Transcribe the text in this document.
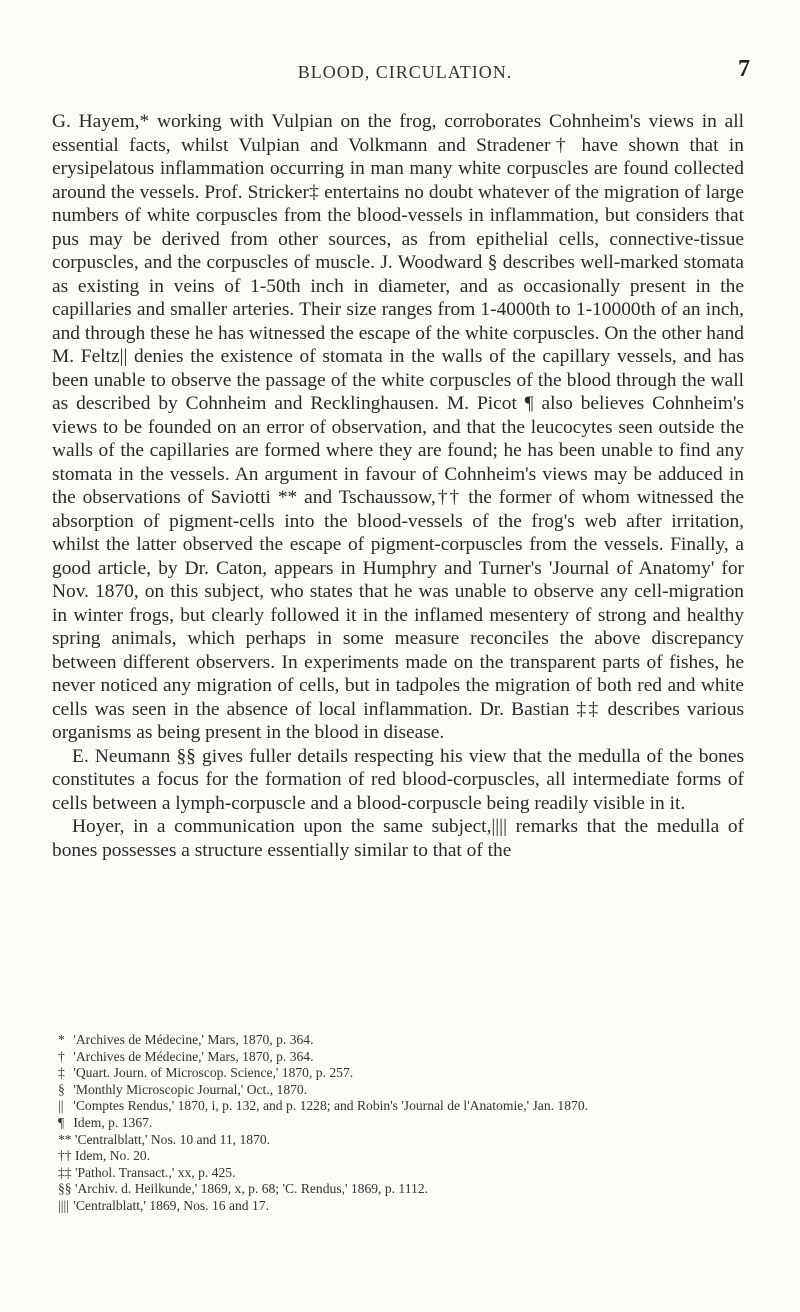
BLOOD, CIRCULATION.	7

G. Hayem,* working with Vulpian on the frog, corroborates Cohnheim's views in all essential facts, whilst Vulpian and Volkmann and Stradener† have shown that in erysipelatous inflammation occurring in man many white corpuscles are found collected around the vessels. Prof. Stricker‡ entertains no doubt whatever of the migration of large numbers of white corpuscles from the blood-vessels in inflammation, but considers that pus may be derived from other sources, as from epithelial cells, connective-tissue corpuscles, and the corpuscles of muscle. J. Woodward § describes well-marked stomata as existing in veins of 1-50th inch in diameter, and as occasionally present in the capillaries and smaller arteries. Their size ranges from 1-4000th to 1-10000th of an inch, and through these he has witnessed the escape of the white corpuscles. On the other hand M. Feltz|| denies the existence of stomata in the walls of the capillary vessels, and has been unable to observe the passage of the white corpuscles of the blood through the wall as described by Cohnheim and Recklinghausen. M. Picot ¶ also believes Cohnheim's views to be founded on an error of observation, and that the leucocytes seen outside the walls of the capillaries are formed where they are found; he has been unable to find any stomata in the vessels. An argument in favour of Cohnheim's views may be adduced in the observations of Saviotti ** and Tschaussow,†† the former of whom witnessed the absorption of pigment-cells into the blood-vessels of the frog's web after irritation, whilst the latter observed the escape of pigment-corpuscles from the vessels. Finally, a good article, by Dr. Caton, appears in Humphry and Turner's 'Journal of Anatomy' for Nov. 1870, on this subject, who states that he was unable to observe any cell-migration in winter frogs, but clearly followed it in the inflamed mesentery of strong and healthy spring animals, which perhaps in some measure reconciles the above discrepancy between different observers. In experiments made on the transparent parts of fishes, he never noticed any migration of cells, but in tadpoles the migration of both red and white cells was seen in the absence of local inflammation. Dr. Bastian ‡‡ describes various organisms as being present in the blood in disease.

E. Neumann §§ gives fuller details respecting his view that the medulla of the bones constitutes a focus for the formation of red blood-corpuscles, all intermediate forms of cells between a lymph-corpuscle and a blood-corpuscle being readily visible in it.

Hoyer, in a communication upon the same subject,|||| remarks that the medulla of bones possesses a structure essentially similar to that of the

* 'Archives de Médecine,' Mars, 1870, p. 364.

† 'Archives de Médecine,' Mars, 1870, p. 364.

‡ 'Quart. Journ. of Microscop. Science,' 1870, p. 257.

§ 'Monthly Microscopic Journal,' Oct., 1870.

|| 'Comptes Rendus,' 1870, i, p. 132, and p. 1228; and Robin's 'Journal de l'Anatomie,' Jan. 1870.

¶ Idem, p. 1367.

** 'Centralblatt,' Nos. 10 and 11, 1870.

†† Idem, No. 20.

‡‡ 'Pathol. Transact.,' xx, p. 425.

§§ 'Archiv. d. Heilkunde,' 1869, x, p. 68; 'C. Rendus,' 1869, p. 1112.

|||| 'Centralblatt,' 1869, Nos. 16 and 17.
